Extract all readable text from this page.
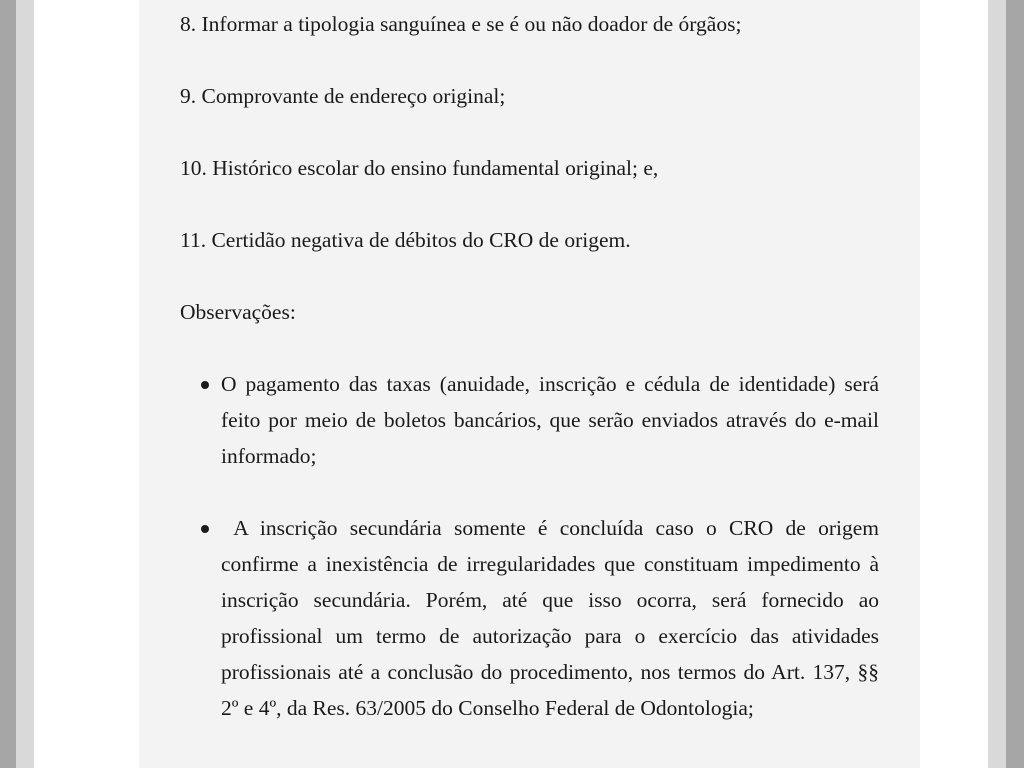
8. Informar a tipologia sanguínea e se é ou não doador de órgãos;

9. Comprovante de endereço original;

10. Histórico escolar do ensino fundamental original; e,

11. Certidão negativa de débitos do CRO de origem.

Observações:

O pagamento das taxas (anuidade, inscrição e cédula de identidade) será feito por meio de boletos bancários, que serão enviados através do e-mail informado;
A inscrição secundária somente é concluída caso o CRO de origem confirme a inexistência de irregularidades que constituam impedimento à inscrição secundária. Porém, até que isso ocorra, será fornecido ao profissional um termo de autorização para o exercício das atividades profissionais até a conclusão do procedimento, nos termos do Art. 137, §§ 2º e 4º, da Res. 63/2005 do Conselho Federal de Odontologia;
